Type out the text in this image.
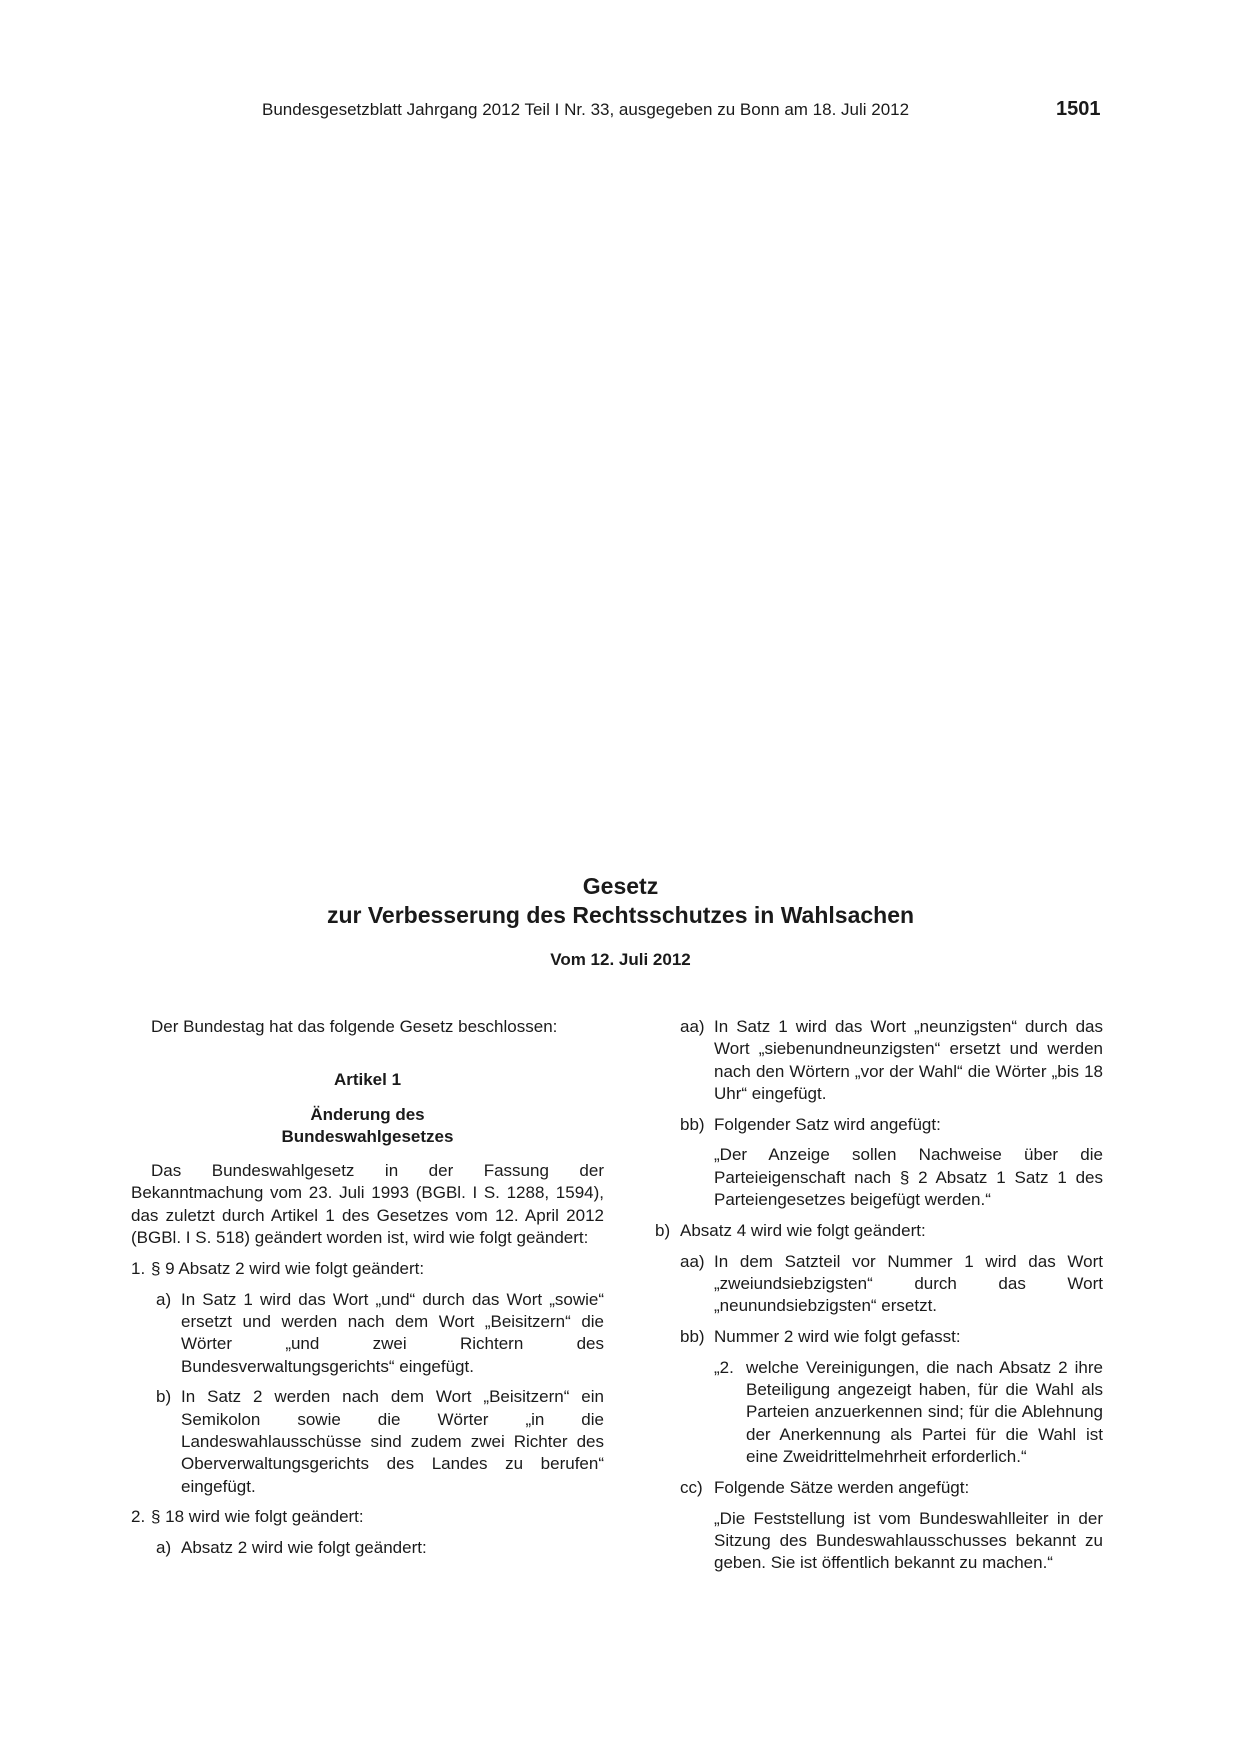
Bundesgesetzblatt Jahrgang 2012 Teil I Nr. 33, ausgegeben zu Bonn am 18. Juli 2012	1501
Gesetz
zur Verbesserung des Rechtsschutzes in Wahlsachen
Vom 12. Juli 2012

Der Bundestag hat das folgende Gesetz beschlossen:

Artikel 1

Änderung des

Bundeswahlgesetzes

Das Bundeswahlgesetz in der Fassung der Bekanntmachung vom 23. Juli 1993 (BGBl. I S. 1288, 1594), das zuletzt durch Artikel 1 des Gesetzes vom 12. April 2012 (BGBl. I S. 518) geändert worden ist, wird wie folgt geändert:

1. § 9 Absatz 2 wird wie folgt geändert:
a) In Satz 1 wird das Wort „und“ durch das Wort „sowie“ ersetzt und werden nach dem Wort „Beisitzern“ die Wörter „und zwei Richtern des Bundesverwaltungsgerichts“ eingefügt.
b) In Satz 2 werden nach dem Wort „Beisitzern“ ein Semikolon sowie die Wörter „in die Landeswahlausschüsse sind zudem zwei Richter des Oberverwaltungsgerichts des Landes zu berufen“ eingefügt.
2. § 18 wird wie folgt geändert:
a) Absatz 2 wird wie folgt geändert:
aa) In Satz 1 wird das Wort „neunzigsten“ durch das Wort „siebenundneunzigsten“ ersetzt und werden nach den Wörtern „vor der Wahl“ die Wörter „bis 18 Uhr“ eingefügt.
bb) Folgender Satz wird angefügt:

„Der Anzeige sollen Nachweise über die Parteieigenschaft nach § 2 Absatz 1 Satz 1 des Parteiengesetzes beigefügt werden.“

b) Absatz 4 wird wie folgt geändert:
aa) In dem Satzteil vor Nummer 1 wird das Wort „zweiundsiebzigsten“ durch das Wort „neunundsiebzigsten“ ersetzt.
bb) Nummer 2 wird wie folgt gefasst:
„2. welche Vereinigungen, die nach Absatz 2 ihre Beteiligung angezeigt haben, für die Wahl als Parteien anzuerkennen sind; für die Ablehnung der Anerkennung als Partei für die Wahl ist eine Zweidrittelmehrheit erforderlich.“
cc) Folgende Sätze werden angefügt:

„Die Feststellung ist vom Bundeswahlleiter in der Sitzung des Bundeswahlausschusses bekannt zu geben. Sie ist öffentlich bekannt zu machen.“
